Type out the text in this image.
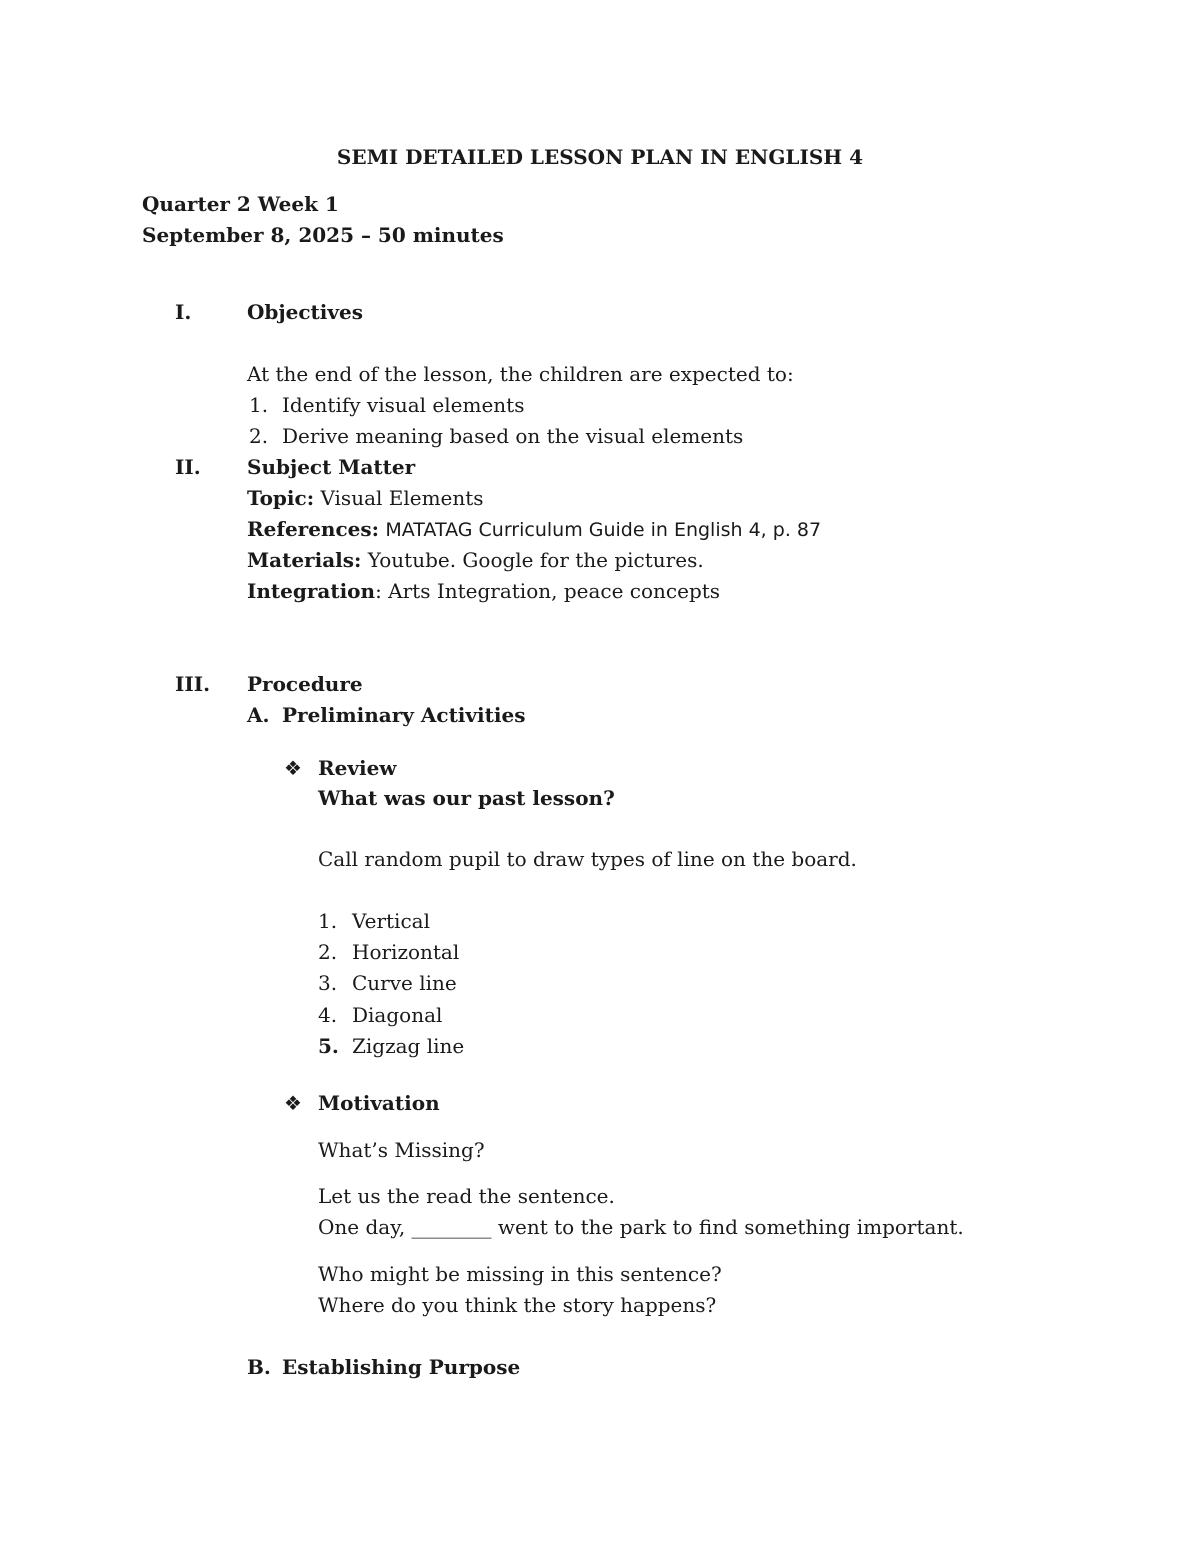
SEMI DETAILED LESSON PLAN IN ENGLISH 4
Quarter 2 Week 1
September 8, 2025 – 50 minutes
I.	Objectives
At the end of the lesson, the children are expected to:
1. Identify visual elements
2. Derive meaning based on the visual elements
II. Subject Matter
Topic: Visual Elements
References: MATATAG Curriculum Guide in English 4, p. 87
Materials: Youtube. Google for the pictures.
Integration: Arts Integration, peace concepts
III. Procedure
A. Preliminary Activities
❖ Review
What was our past lesson?
Call random pupil to draw types of line on the board.
1. Vertical
2. Horizontal
3. Curve line
4. Diagonal
5. Zigzag line
❖ Motivation
What’s Missing?
Let us the read the sentence.
One day, ________ went to the park to find something important.
Who might be missing in this sentence?
Where do you think the story happens?
B. Establishing Purpose
